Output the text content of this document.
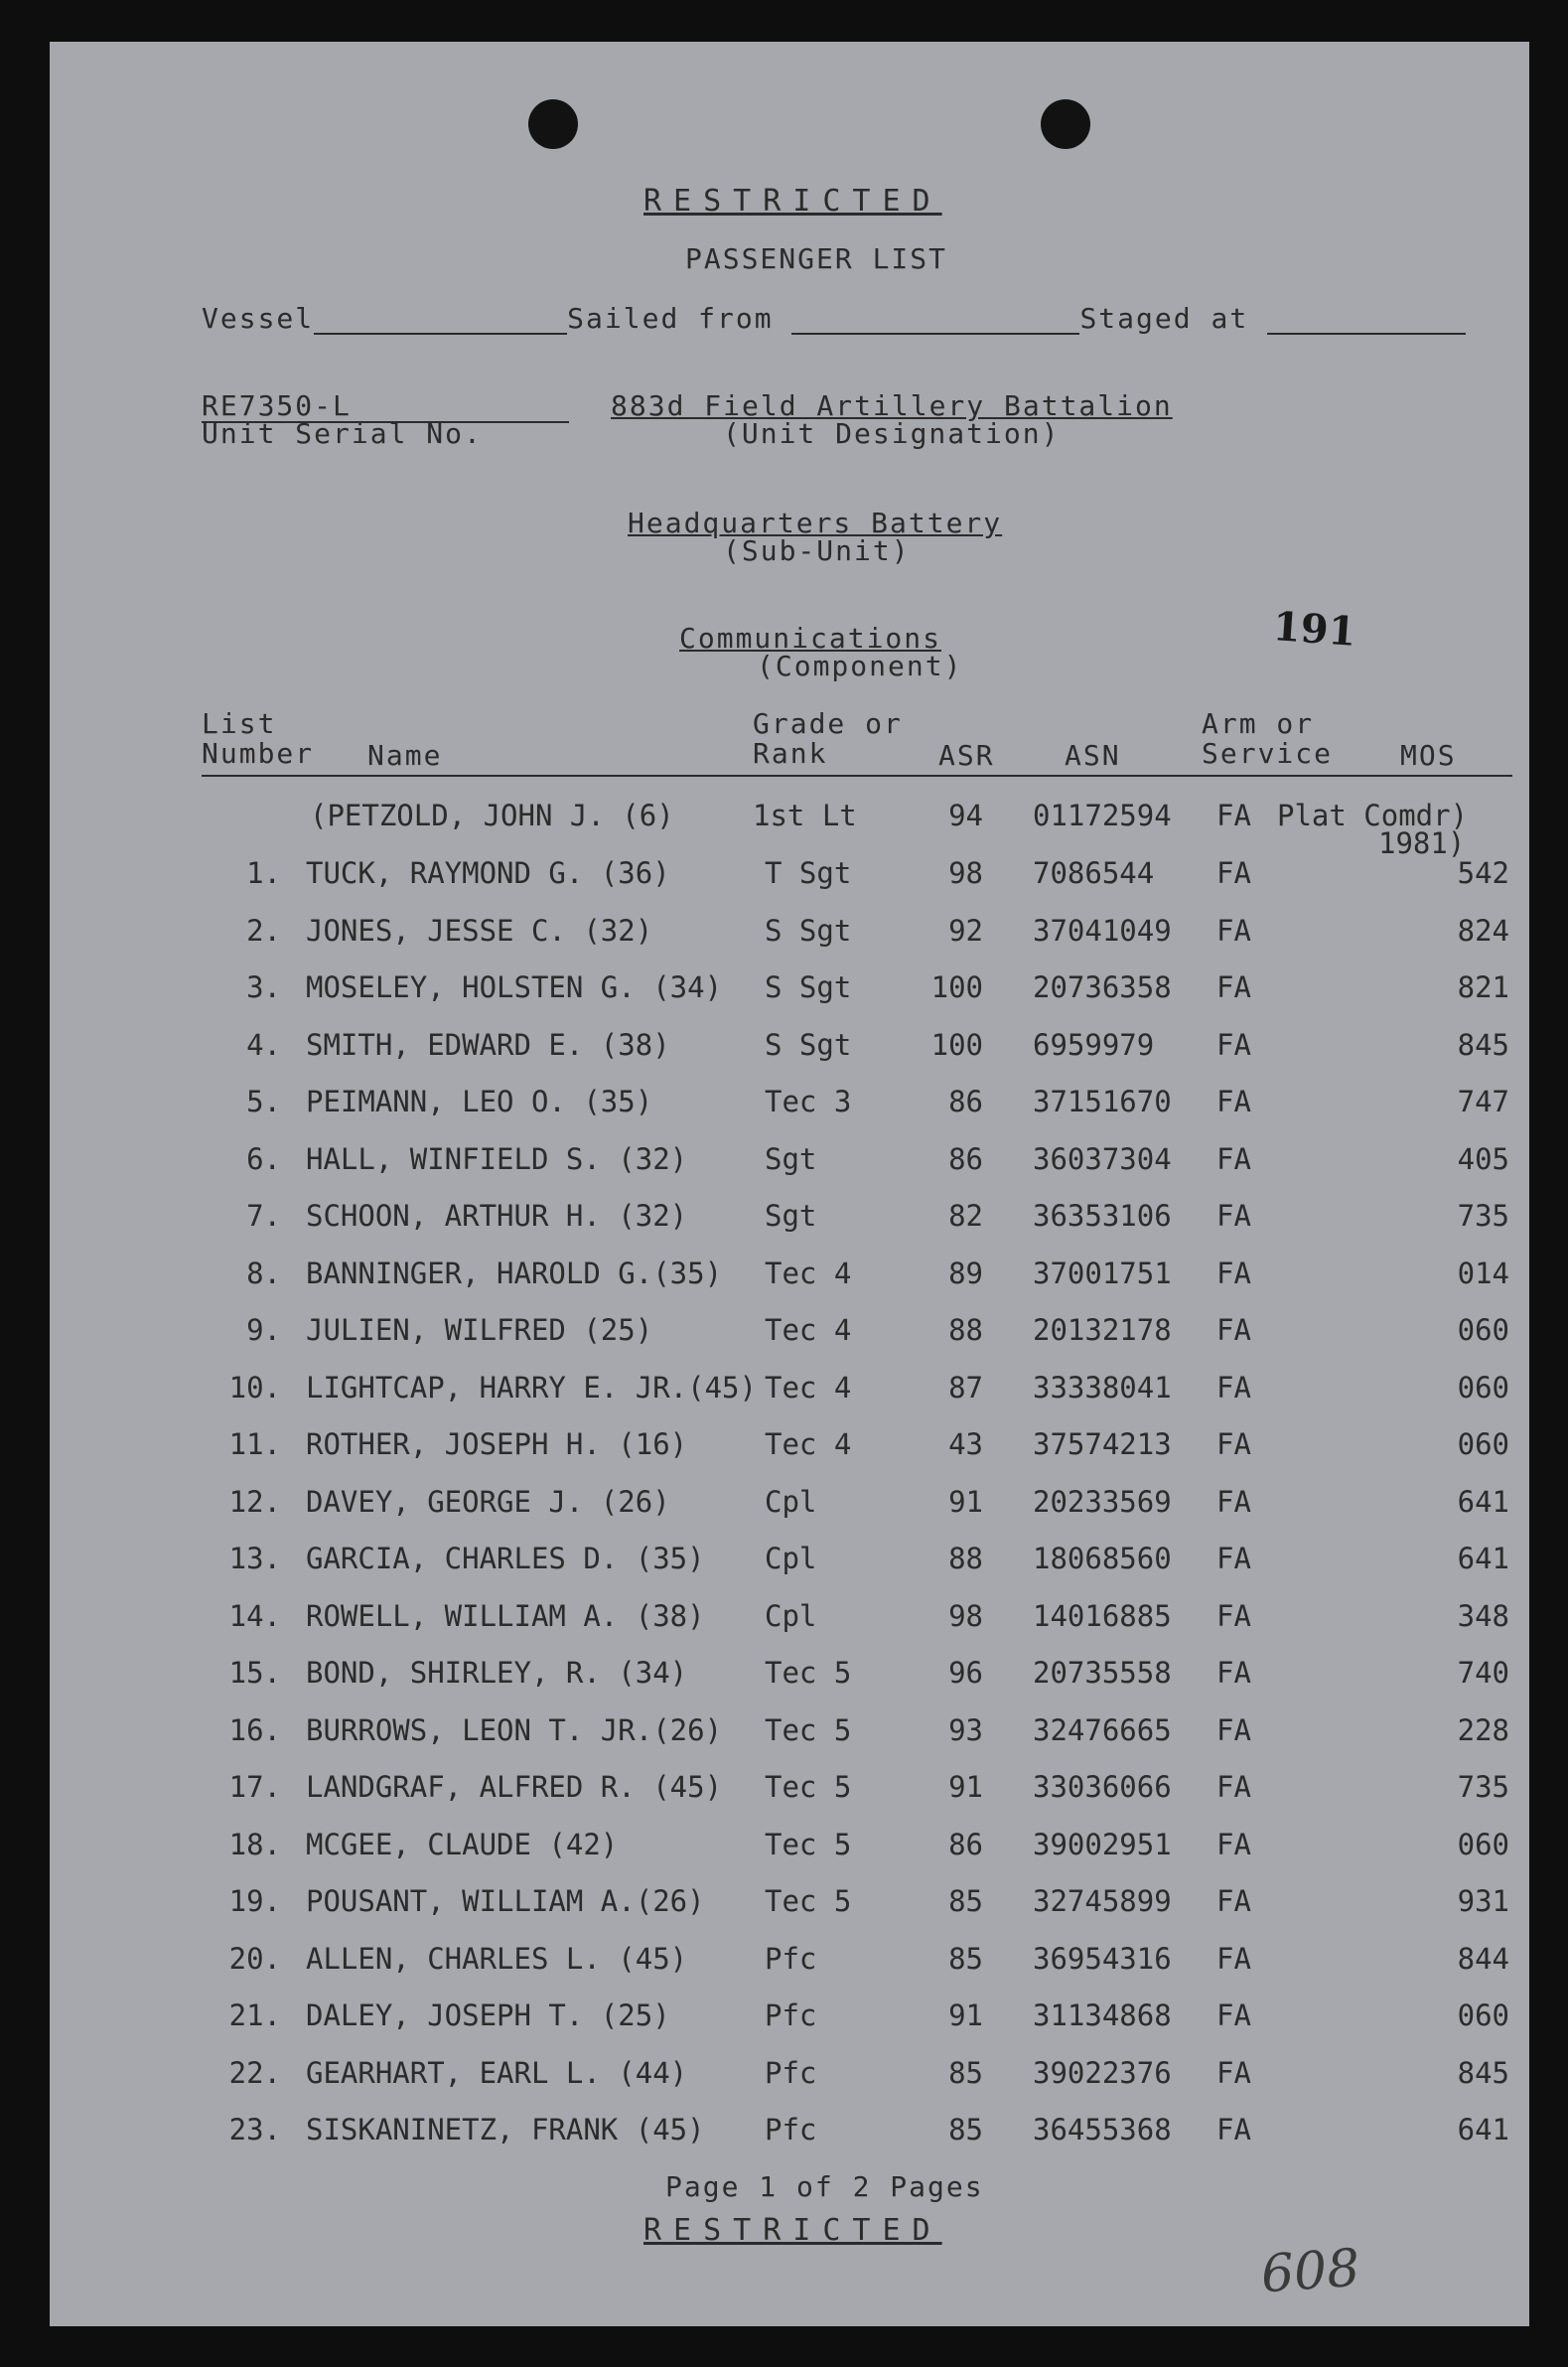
RESTRICTED
PASSENGER LIST
Vessel	Sailed from	Staged at
RE7350-L
Unit Serial No.
883d Field Artillery Battalion
(Unit Designation)
Headquarters Battery
(Sub-Unit)
Communications
(Component)
191
List
Number Name
Grade or
Rank	ASR	ASN
Arm or
Service MOS
(PETZOLD, JOHN J. (6)	1st Lt	94 01172594 FA Plat Comdr)
1981)
1. TUCK, RAYMOND G. (36)	T Sgt	98 7086544	FA	542
2. JONES, JESSE C. (32)	S Sgt	92 37041049	FA	824
3. MOSELEY, HOLSTEN G. (34)	S Sgt	100 20736358	FA	821
4. SMITH, EDWARD E. (38)	S Sgt	100 6959979	FA	845
5. PEIMANN, LEO O. (35)	Tec 3	86 37151670	FA	747
6. HALL, WINFIELD S. (32)	Sgt	86 36037304	FA	405
7. SCHOON, ARTHUR H. (32)	Sgt	82 36353106	FA	735
8. BANNINGER, HAROLD G.(35)	Tec 4	89 37001751	FA	014
9. JULIEN, WILFRED (25)	Tec 4	88 20132178	FA	060
10. LIGHTCAP, HARRY E. JR.(45) Tec 4	87 33338041	FA	060
11. ROTHER, JOSEPH H. (16)	Tec 4	43 37574213	FA	060
12. DAVEY, GEORGE J. (26)	Cpl	91 20233569	FA	641
13. GARCIA, CHARLES D. (35)	Cpl	88 18068560	FA	641
14. ROWELL, WILLIAM A. (38)	Cpl	98 14016885	FA	348
15. BOND, SHIRLEY, R. (34)	Tec 5	96 20735558	FA	740
16. BURROWS, LEON T. JR.(26)	Tec 5	93 32476665	FA	228
17. LANDGRAF, ALFRED R. (45)	Tec 5	91 33036066	FA	735
18. MCGEE, CLAUDE (42)	Tec 5	86 39002951	FA	060
19. POUSANT, WILLIAM A.(26)	Tec 5	85 32745899	FA	931
20. ALLEN, CHARLES L. (45)	Pfc	85 36954316	FA	844
21. DALEY, JOSEPH T. (25)	Pfc	91 31134868	FA	060
22. GEARHART, EARL L. (44)	Pfc	85 39022376	FA	845
23. SISKANINETZ, FRANK (45)	Pfc	85 36455368	FA	641
Page 1 of 2 Pages
RESTRICTED
608
